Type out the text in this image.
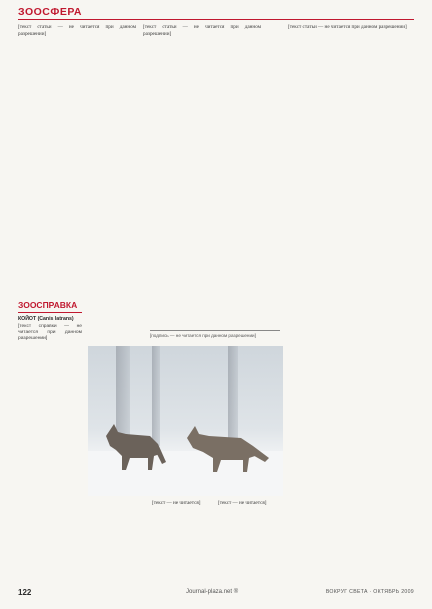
ЗООСФЕРА

[текст статьи — не читается при данном разрешении]

[текст статьи — не читается при данном разрешении]

[текст статьи — не читается при данном разрешении]

ЗООСПРАВКА
КОЙОТ (Canis latrans)
[текст справки — не читается при данном разрешении]
[подпись — не читается при данном разрешении]

[текст — не читается]	[текст — не читается]

122	Journal-plaza.net ®	ВОКРУГ СВЕТА · ОКТЯБРЬ 2009
